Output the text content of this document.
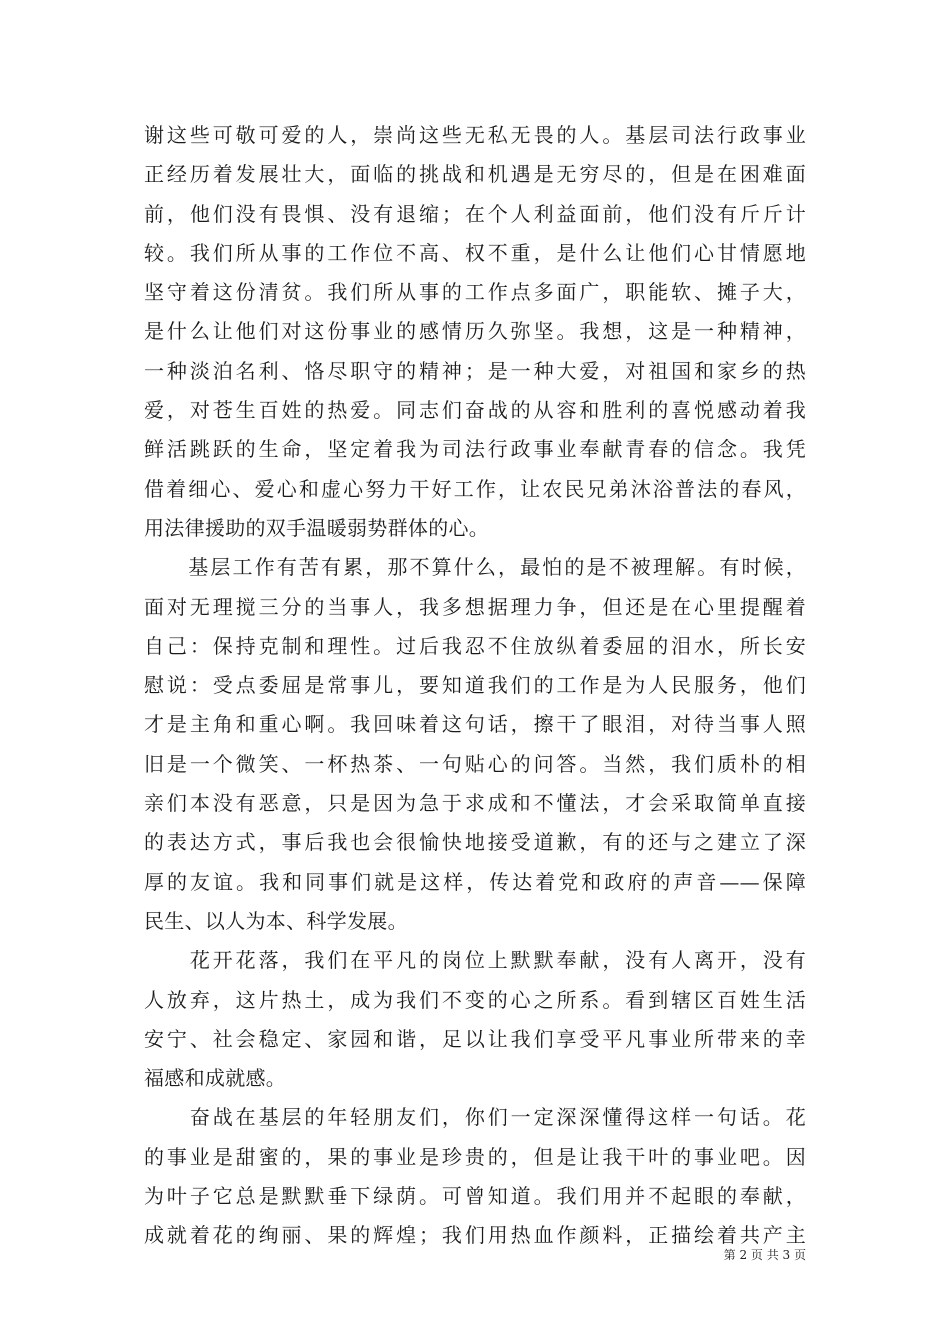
谢这些可敬可爱的人，崇尚这些无私无畏的人。基层司法行政事业
正经历着发展壮大，面临的挑战和机遇是无穷尽的，但是在困难面
前，他们没有畏惧、没有退缩；在个人利益面前，他们没有斤斤计
较。我们所从事的工作位不高、权不重，是什么让他们心甘情愿地
坚守着这份清贫。我们所从事的工作点多面广，职能软、摊子大，
是什么让他们对这份事业的感情历久弥坚。我想，这是一种精神，
一种淡泊名利、恪尽职守的精神；是一种大爱，对祖国和家乡的热
爱，对苍生百姓的热爱。同志们奋战的从容和胜利的喜悦感动着我
鲜活跳跃的生命，坚定着我为司法行政事业奉献青春的信念。我凭
借着细心、爱心和虚心努力干好工作，让农民兄弟沐浴普法的春风，
用法律援助的双手温暖弱势群体的心。
　　基层工作有苦有累，那不算什么，最怕的是不被理解。有时候，
面对无理搅三分的当事人，我多想据理力争，但还是在心里提醒着
自己：保持克制和理性。过后我忍不住放纵着委屈的泪水，所长安
慰说：受点委屈是常事儿，要知道我们的工作是为人民服务，他们
才是主角和重心啊。我回味着这句话，擦干了眼泪，对待当事人照
旧是一个微笑、一杯热茶、一句贴心的问答。当然，我们质朴的相
亲们本没有恶意，只是因为急于求成和不懂法，才会采取简单直接
的表达方式，事后我也会很愉快地接受道歉，有的还与之建立了深
厚的友谊。我和同事们就是这样，传达着党和政府的声音——保障
民生、以人为本、科学发展。
　　花开花落，我们在平凡的岗位上默默奉献，没有人离开，没有
人放弃，这片热土，成为我们不变的心之所系。看到辖区百姓生活
安宁、社会稳定、家园和谐，足以让我们享受平凡事业所带来的幸
福感和成就感。
　　奋战在基层的年轻朋友们，你们一定深深懂得这样一句话。花
的事业是甜蜜的，果的事业是珍贵的，但是让我干叶的事业吧。因
为叶子它总是默默垂下绿荫。可曾知道。我们用并不起眼的奉献，
成就着花的绚丽、果的辉煌；我们用热血作颜料，正描绘着共产主
第 2 页 共 3 页
